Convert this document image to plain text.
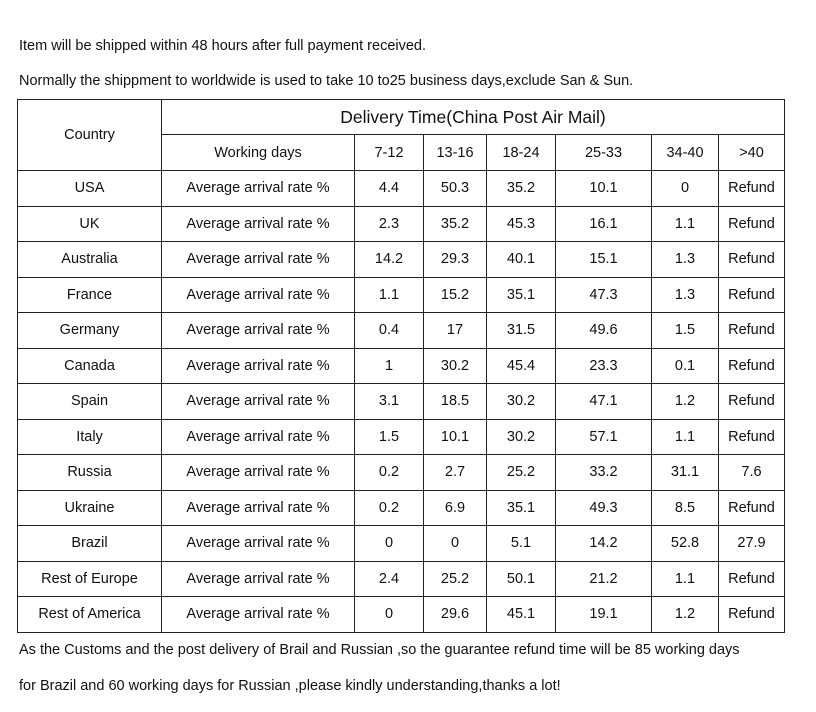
Item will be shipped within 48 hours after full payment received.
Normally the shippment to worldwide is used to take 10 to25 business days,exclude San & Sun.
Country	Delivery Time(China Post Air Mail)						
	Working days	7-12	13-16	18-24	25-33	34-40	>40
USA	Average arrival rate %	4.4	50.3	35.2	10.1	0	Refund
UK	Average arrival rate %	2.3	35.2	45.3	16.1	1.1	Refund
Australia	Average arrival rate %	14.2	29.3	40.1	15.1	1.3	Refund
France	Average arrival rate %	1.1	15.2	35.1	47.3	1.3	Refund
Germany	Average arrival rate %	0.4	17	31.5	49.6	1.5	Refund
Canada	Average arrival rate %	1	30.2	45.4	23.3	0.1	Refund
Spain	Average arrival rate %	3.1	18.5	30.2	47.1	1.2	Refund
Italy	Average arrival rate %	1.5	10.1	30.2	57.1	1.1	Refund
Russia	Average arrival rate %	0.2	2.7	25.2	33.2	31.1	7.6
Ukraine	Average arrival rate %	0.2	6.9	35.1	49.3	8.5	Refund
Brazil	Average arrival rate %	0	0	5.1	14.2	52.8	27.9
Rest of Europe	Average arrival rate %	2.4	25.2	50.1	21.2	1.1	Refund
Rest of America	Average arrival rate %	0	29.6	45.1	19.1	1.2	Refund
As the Customs and the post delivery of Brail and Russian ,so the guarantee refund time will be 85 working days
for Brazil and 60 working days for Russian ,please kindly understanding,thanks a lot!
